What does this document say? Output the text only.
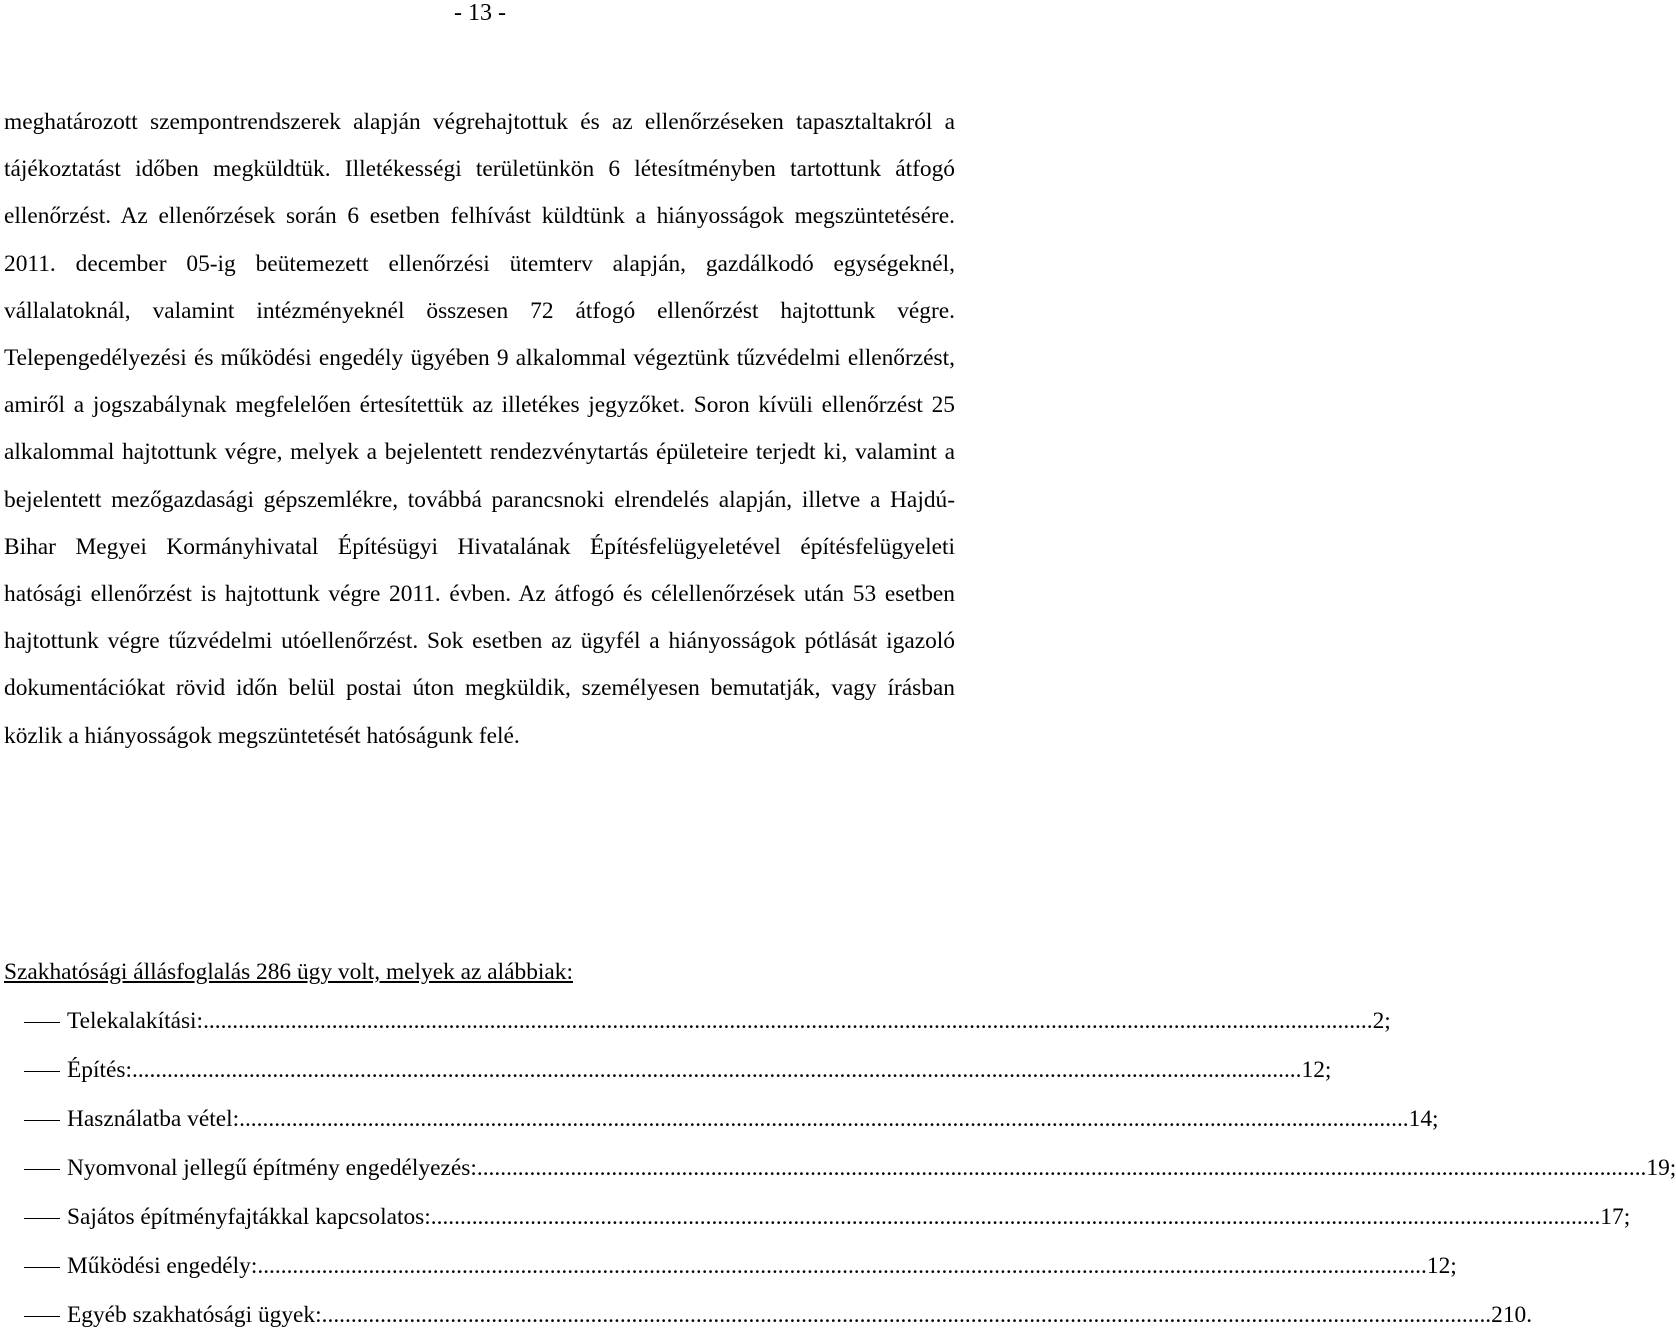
- 13 -

meghatározott szempontrendszerek alapján végrehajtottuk és az ellenőrzéseken tapasztaltakról a tájékoztatást időben megküldtük. Illetékességi területünkön 6 létesítményben tartottunk átfogó ellenőrzést. Az ellenőrzések során 6 esetben felhívást küldtünk a hiányosságok megszüntetésére. 2011. december 05-ig beütemezett ellenőrzési ütemterv alapján, gazdálkodó egységeknél, vállalatoknál, valamint intézményeknél összesen 72 átfogó ellenőrzést hajtottunk végre. Telepengedélyezési és működési engedély ügyében 9 alkalommal végeztünk tűzvédelmi ellenőrzést, amiről a jogszabálynak megfelelően értesítettük az illetékes jegyzőket. Soron kívüli ellenőrzést 25 alkalommal hajtottunk végre, melyek a bejelentett rendezvénytartás épületeire terjedt ki, valamint a bejelentett mezőgazdasági gépszemlékre, továbbá parancsnoki elrendelés alapján, illetve a Hajdú- Bihar Megyei Kormányhivatal Építésügyi Hivatalának Építésfelügyeletével építésfelügyeleti hatósági ellenőrzést is hajtottunk végre 2011. évben. Az átfogó és célellenőrzések után 53 esetben hajtottunk végre tűzvédelmi utóellenőrzést. Sok esetben az ügyfél a hiányosságok pótlását igazoló dokumentációkat rövid időn belül postai úton megküldik, személyesen bemutatják, vagy írásban közlik a hiányosságok megszüntetését hatóságunk felé.

Szakhatósági állásfoglalás 286 ügy volt, melyek az alábbiak:

Telekalakítási: ........................................................................................................................................................................................................ 2;
Építés: ........................................................................................................................................................................................................ 12;
Használatba vétel: ........................................................................................................................................................................................................ 14;
Nyomvonal jellegű építmény engedélyezés: ........................................................................................................................................................................................................ 19;
Sajátos építményfajtákkal kapcsolatos: ........................................................................................................................................................................................................ 17;
Működési engedély: ........................................................................................................................................................................................................ 12;
Egyéb szakhatósági ügyek: ........................................................................................................................................................................................................ 210.
